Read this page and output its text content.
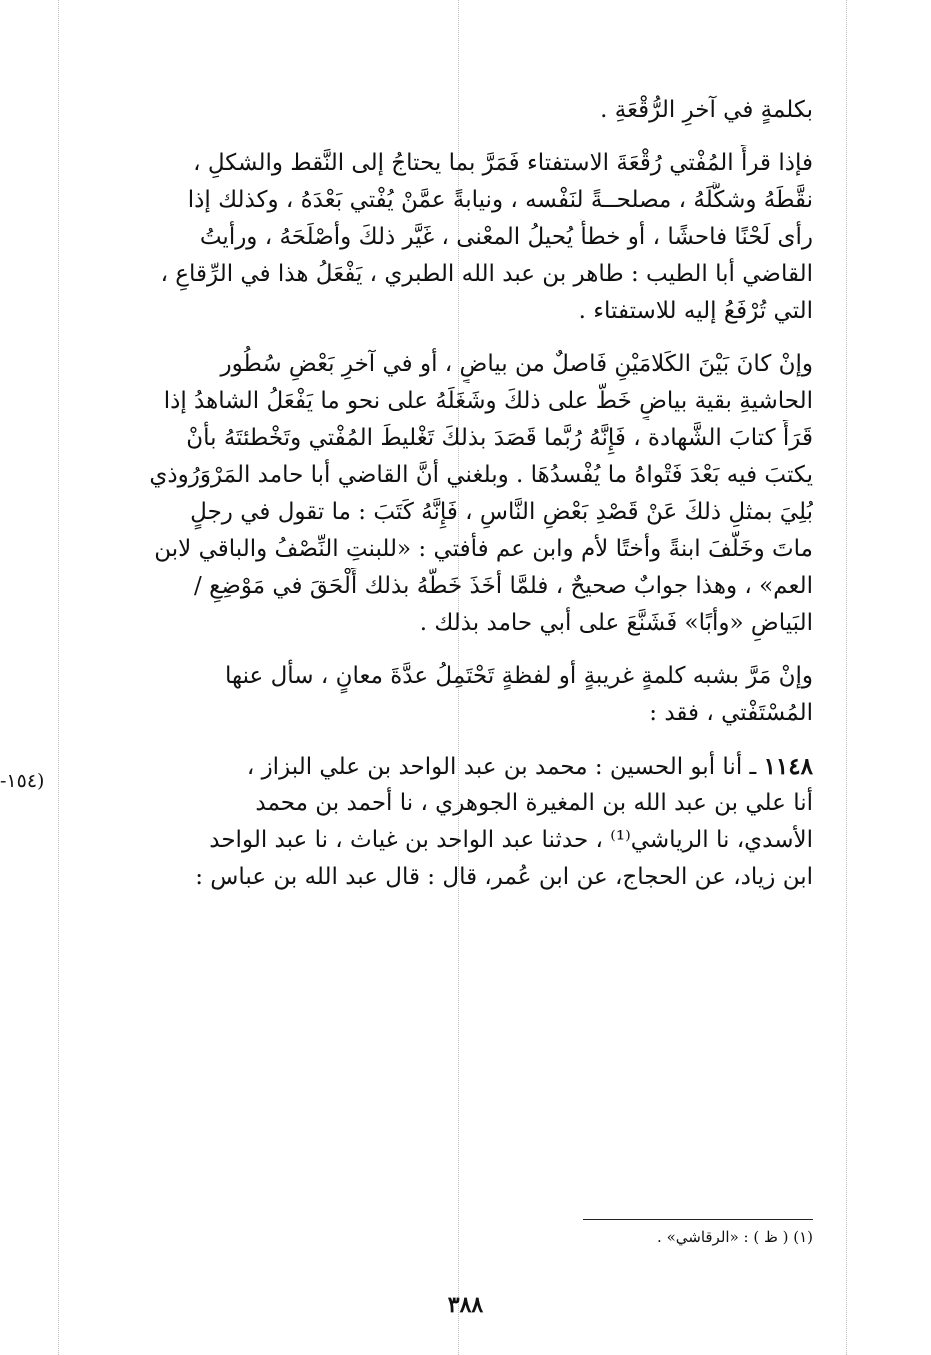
بكلمةٍ في آخرِ الرُّقْعَةِ .
فإذا قرأَ المُفْتي رُقْعَةَ الاستفتاء فَمَرَّ بما يحتاجُ إلى النَّقط والشكلِ ،
نقَّطَهُ وشكَّلَهُ ، مصلحــةً لنَفْسه ، ونيابةً عمَّنْ يُفْتي بَعْدَهُ ، وكذلك إذا
رأى لَحْنًا فاحشًا ، أو خطأً يُحيلُ المعْنى ، غَيَّر ذلكَ وأصْلَحَهُ ، ورأيتُ
القاضي أبا الطيب : طاهر بن عبد الله الطبري ، يَفْعَلُ هذا في الرِّقاعِ ،
التي تُرْفَعُ إليه للاستفتاء .
وإنْ كانَ بَيْنَ الكَلامَيْنِ فَاصلٌ من بياضٍ ، أو في آخرِ بَعْضِ سُطُور
الحاشيةِ بقية بياضٍ خَطَّ على ذلكَ وشَغَلَهُ على نحو ما يَفْعَلُ الشاهدُ إذا
قَرَأَ كتابَ الشَّهادة ، فَإِنَّهُ رُبَّما قَصَدَ بذلكَ تَغْليطَ المُفْتي وتَخْطئتَهُ بأنْ
يكتبَ فيه بَعْدَ فَتْواهُ ما يُفْسدُهَا . وبلغني أنَّ القاضي أبا حامد المَرْوَرُوذي
بُلِيَ بمثلِ ذلكَ عَنْ قَصْدِ بَعْضِ النَّاسِ ، فَإِنَّهُ كَتَبَ : ما تقول في رجلٍ
ماتَ وخَلَّفَ ابنةً وأختًا لأم وابن عم فأفتي : «للبنتِ النِّصْفُ والباقي لابن
العم» ، وهذا جوابٌ صحيحٌ ، فلمَّا أخَذَ خَطَّهُ بذلك أَلْحَقَ في مَوْضِعِ /
البَياضِ «وأبًا» فَشَنَّعَ على أبي حامد بذلك .
وإنْ مَرَّ بشبه كلمةٍ غريبةٍ أو لفظةٍ تَحْتَمِلُ عدَّةَ معانٍ ، سأل عنها
المُسْتَفْتي ، فقد :
١١٤٨ ـ أنا أبو الحسين : محمد بن عبد الواحد بن علي البزاز ،
أنا علي بن عبد الله بن المغيرة الجوهري ، نا أحمد بن محمد
الأسدي، نا الرياشي⁽¹⁾ ، حدثنا عبد الواحد بن غياث ، نا عبد الواحد
ابن زياد، عن الحجاج، عن ابن عُمر، قال : قال عبد الله بن عباس :
(١٥٤-
(١) ( ظ ) : «الرقاشي» .
٣٨٨
